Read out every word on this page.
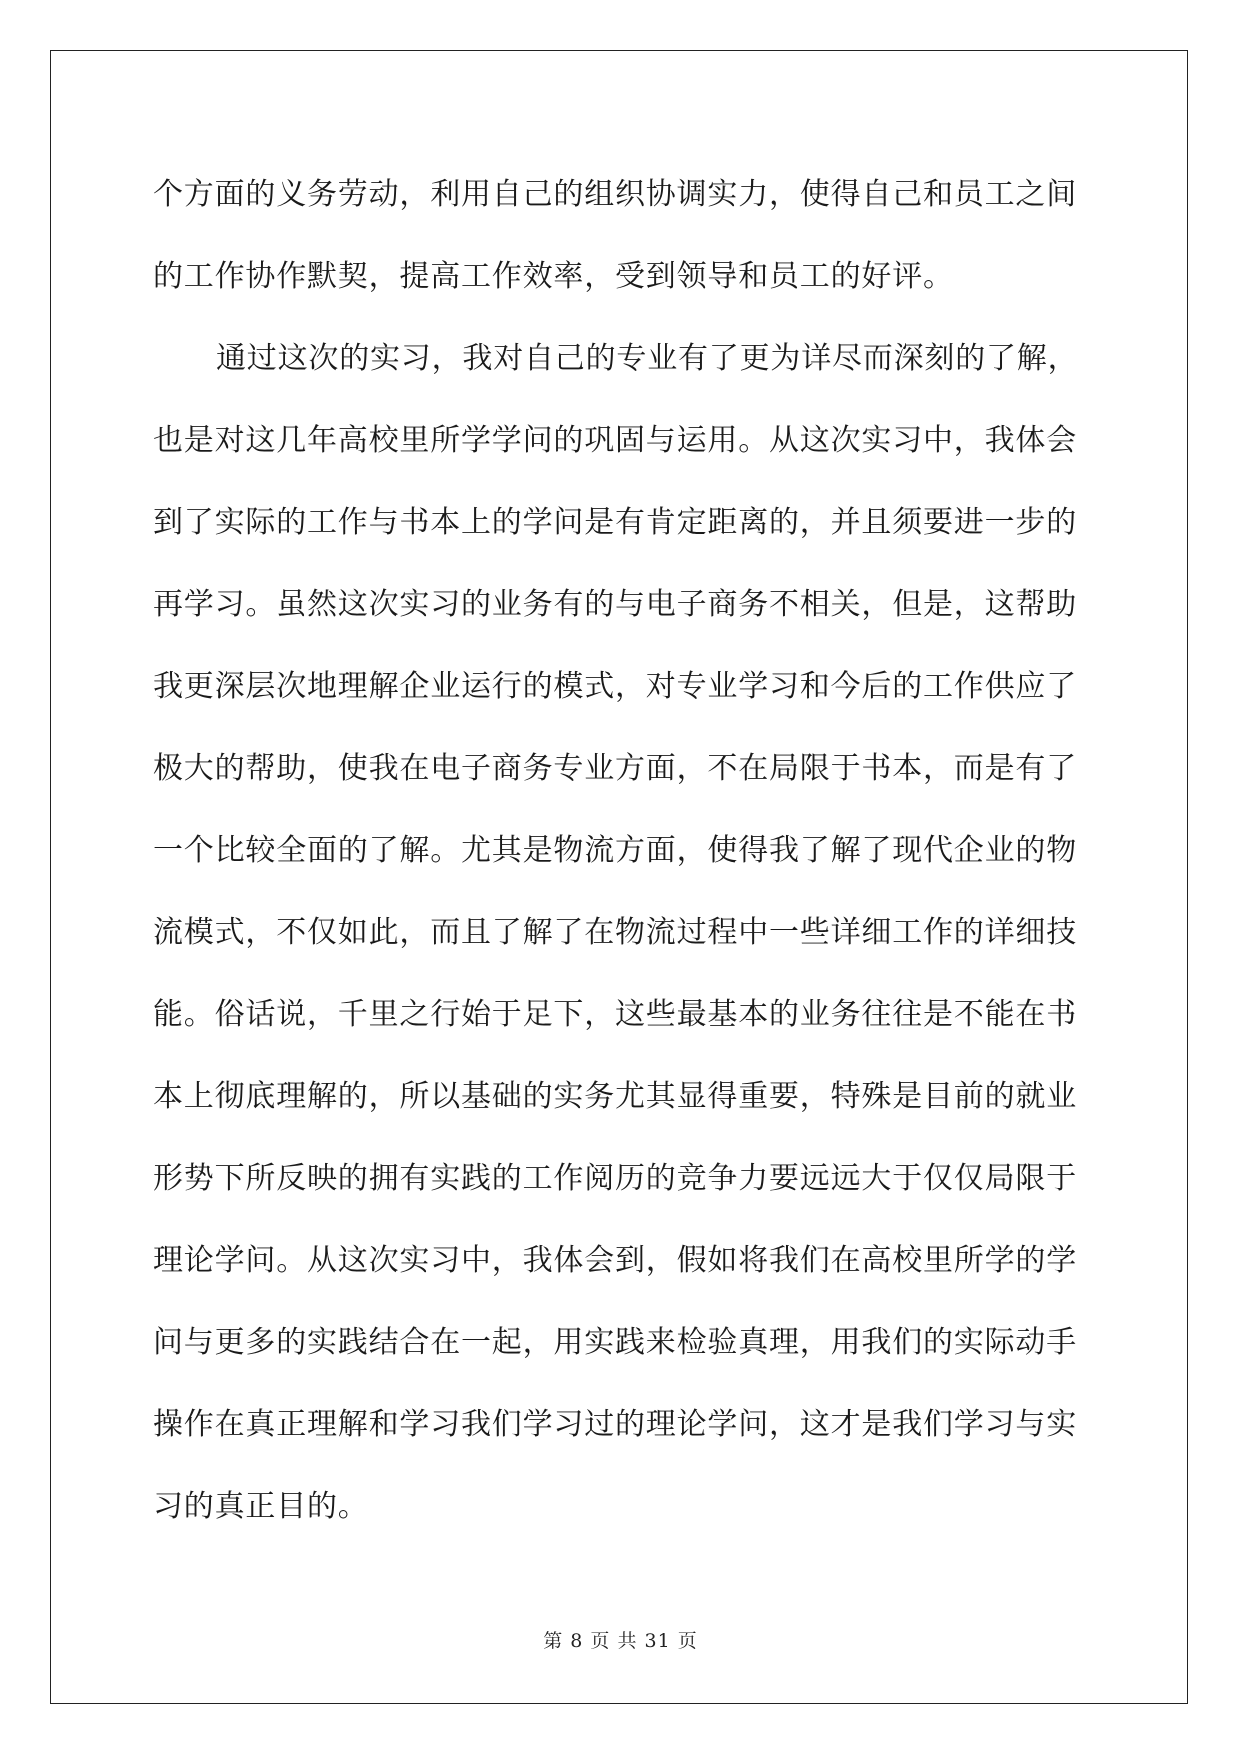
个方面的义务劳动，利用自己的组织协调实力，使得自己和员工之间
的工作协作默契，提高工作效率，受到领导和员工的好评。
通过这次的实习，我对自己的专业有了更为详尽而深刻的了解，
也是对这几年高校里所学学问的巩固与运用。从这次实习中，我体会
到了实际的工作与书本上的学问是有肯定距离的，并且须要进一步的
再学习。虽然这次实习的业务有的与电子商务不相关，但是，这帮助
我更深层次地理解企业运行的模式，对专业学习和今后的工作供应了
极大的帮助，使我在电子商务专业方面，不在局限于书本，而是有了
一个比较全面的了解。尤其是物流方面，使得我了解了现代企业的物
流模式，不仅如此，而且了解了在物流过程中一些详细工作的详细技
能。俗话说，千里之行始于足下，这些最基本的业务往往是不能在书
本上彻底理解的，所以基础的实务尤其显得重要，特殊是目前的就业
形势下所反映的拥有实践的工作阅历的竞争力要远远大于仅仅局限于
理论学问。从这次实习中，我体会到，假如将我们在高校里所学的学
问与更多的实践结合在一起，用实践来检验真理，用我们的实际动手
操作在真正理解和学习我们学习过的理论学问，这才是我们学习与实
习的真正目的。
第 8 页 共 31 页
